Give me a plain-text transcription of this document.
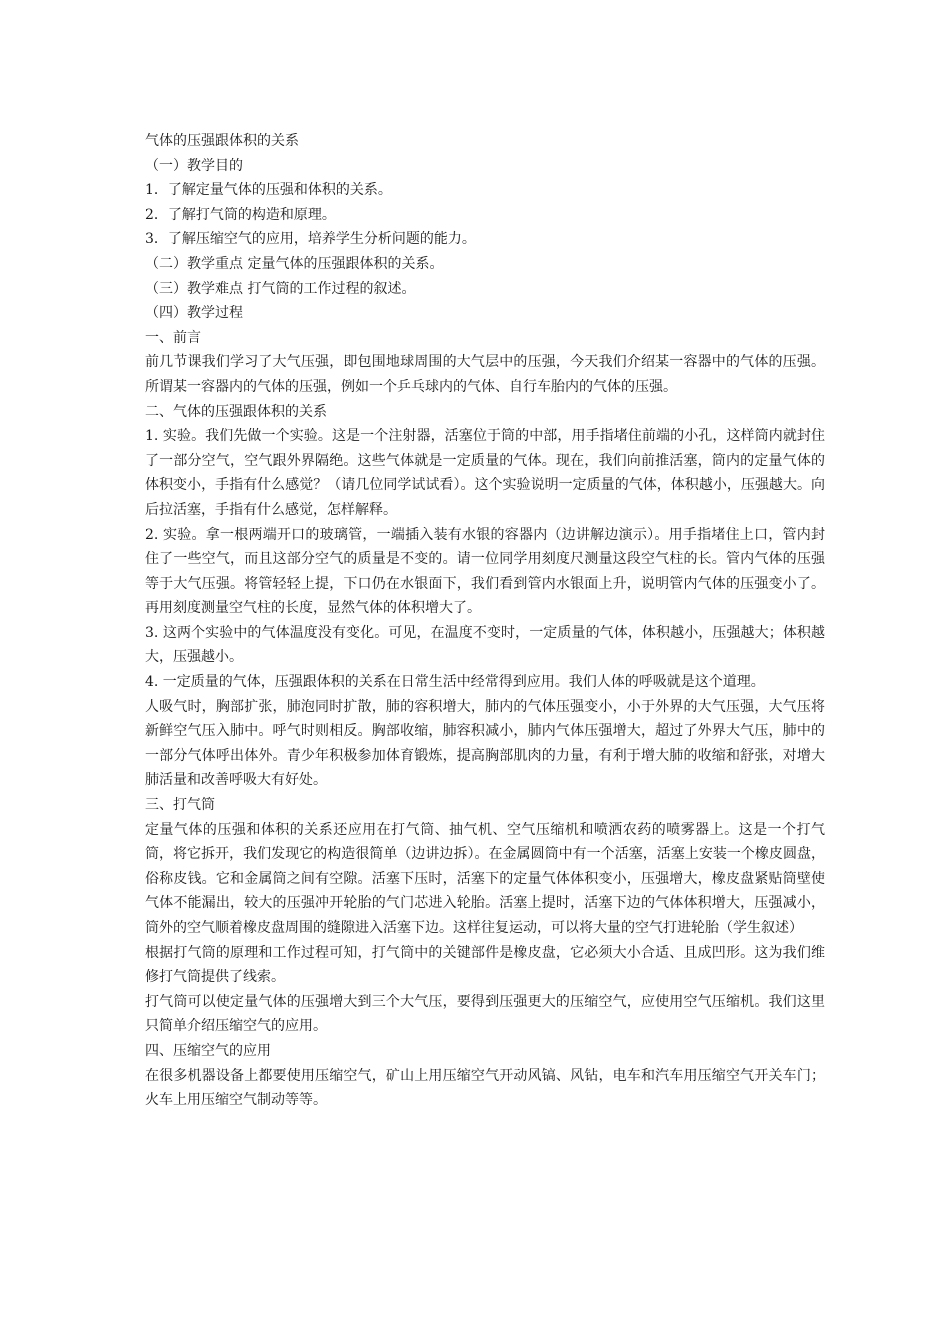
气体的压强跟体积的关系

（一）教学目的

1．了解定量气体的压强和体积的关系。

2．了解打气筒的构造和原理。

3．了解压缩空气的应用，培养学生分析问题的能力。

（二）教学重点 定量气体的压强跟体积的关系。

（三）教学难点 打气筒的工作过程的叙述。

（四）教学过程

一、前言

前几节课我们学习了大气压强，即包围地球周围的大气层中的压强，今天我们介绍某一容器中的气体的压强。所谓某一容器内的气体的压强，例如一个乒乓球内的气体、自行车胎内的气体的压强。

二、气体的压强跟体积的关系

1. 实验。我们先做一个实验。这是一个注射器，活塞位于筒的中部，用手指堵住前端的小孔，这样筒内就封住了一部分空气，空气跟外界隔绝。这些气体就是一定质量的气体。现在，我们向前推活塞，筒内的定量气体的体积变小，手指有什么感觉？（请几位同学试试看）。这个实验说明一定质量的气体，体积越小，压强越大。向后拉活塞，手指有什么感觉，怎样解释。

2. 实验。拿一根两端开口的玻璃管，一端插入装有水银的容器内（边讲解边演示）。用手指堵住上口，管内封住了一些空气，而且这部分空气的质量是不变的。请一位同学用刻度尺测量这段空气柱的长。管内气体的压强等于大气压强。将管轻轻上提，下口仍在水银面下，我们看到管内水银面上升，说明管内气体的压强变小了。再用刻度测量空气柱的长度，显然气体的体积增大了。

3. 这两个实验中的气体温度没有变化。可见，在温度不变时，一定质量的气体，体积越小，压强越大；体积越大，压强越小。

4. 一定质量的气体，压强跟体积的关系在日常生活中经常得到应用。我们人体的呼吸就是这个道理。

人吸气时，胸部扩张，肺泡同时扩散，肺的容积增大，肺内的气体压强变小，小于外界的大气压强，大气压将新鲜空气压入肺中。呼气时则相反。胸部收缩，肺容积减小，肺内气体压强增大，超过了外界大气压，肺中的一部分气体呼出体外。青少年积极参加体育锻炼，提高胸部肌肉的力量，有利于增大肺的收缩和舒张，对增大肺活量和改善呼吸大有好处。

三、打气筒

定量气体的压强和体积的关系还应用在打气筒、抽气机、空气压缩机和喷洒农药的喷雾器上。这是一个打气筒，将它拆开，我们发现它的构造很简单（边讲边拆）。在金属圆筒中有一个活塞，活塞上安装一个橡皮圆盘，俗称皮钱。它和金属筒之间有空隙。活塞下压时，活塞下的定量气体体积变小，压强增大，橡皮盘紧贴筒壁使气体不能漏出，较大的压强冲开轮胎的气门芯进入轮胎。活塞上提时，活塞下边的气体体积增大，压强减小，筒外的空气顺着橡皮盘周围的缝隙进入活塞下边。这样往复运动，可以将大量的空气打进轮胎（学生叙述）

根据打气筒的原理和工作过程可知，打气筒中的关键部件是橡皮盘，它必须大小合适、且成凹形。这为我们维修打气筒提供了线索。

打气筒可以使定量气体的压强增大到三个大气压，要得到压强更大的压缩空气，应使用空气压缩机。我们这里只简单介绍压缩空气的应用。

四、压缩空气的应用

在很多机器设备上都要使用压缩空气，矿山上用压缩空气开动风镐、风钻，电车和汽车用压缩空气开关车门；火车上用压缩空气制动等等。
